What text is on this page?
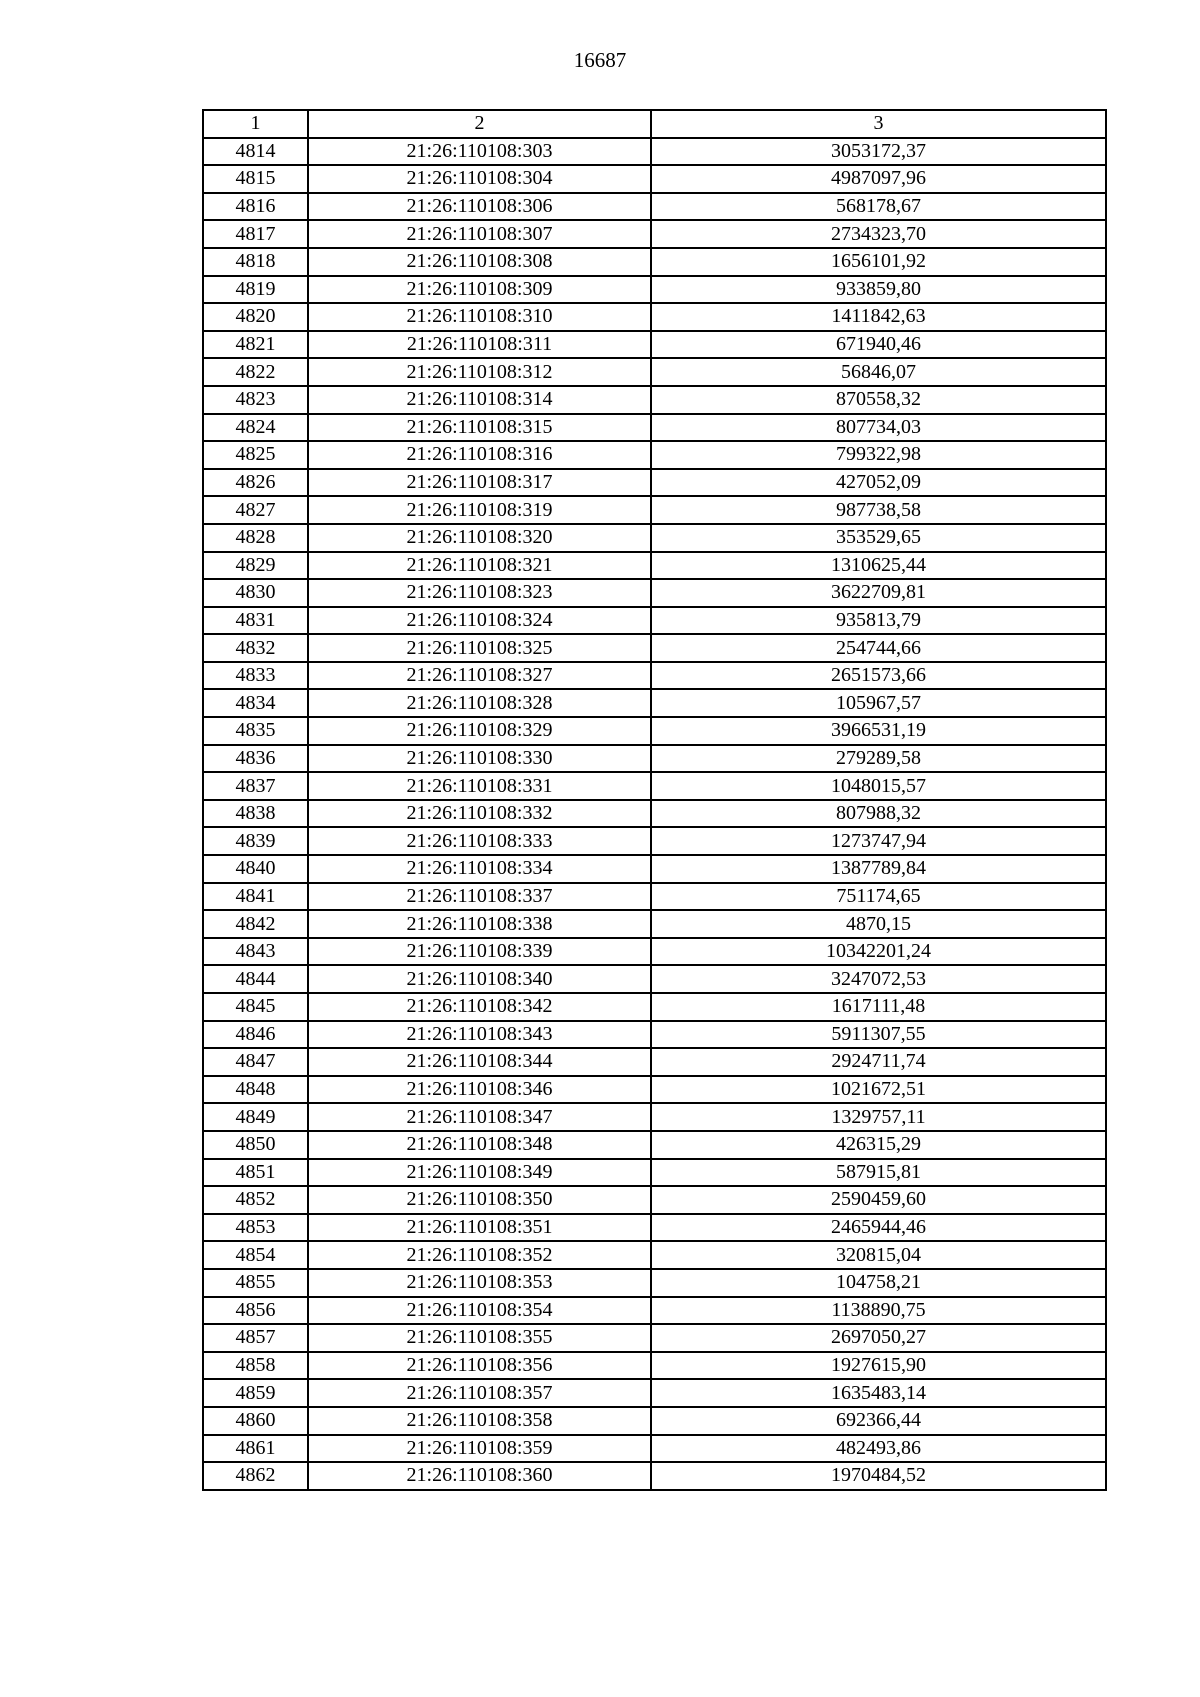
16687
1	2	3
4814	21:26:110108:303	3053172,37
4815	21:26:110108:304	4987097,96
4816	21:26:110108:306	568178,67
4817	21:26:110108:307	2734323,70
4818	21:26:110108:308	1656101,92
4819	21:26:110108:309	933859,80
4820	21:26:110108:310	1411842,63
4821	21:26:110108:311	671940,46
4822	21:26:110108:312	56846,07
4823	21:26:110108:314	870558,32
4824	21:26:110108:315	807734,03
4825	21:26:110108:316	799322,98
4826	21:26:110108:317	427052,09
4827	21:26:110108:319	987738,58
4828	21:26:110108:320	353529,65
4829	21:26:110108:321	1310625,44
4830	21:26:110108:323	3622709,81
4831	21:26:110108:324	935813,79
4832	21:26:110108:325	254744,66
4833	21:26:110108:327	2651573,66
4834	21:26:110108:328	105967,57
4835	21:26:110108:329	3966531,19
4836	21:26:110108:330	279289,58
4837	21:26:110108:331	1048015,57
4838	21:26:110108:332	807988,32
4839	21:26:110108:333	1273747,94
4840	21:26:110108:334	1387789,84
4841	21:26:110108:337	751174,65
4842	21:26:110108:338	4870,15
4843	21:26:110108:339	10342201,24
4844	21:26:110108:340	3247072,53
4845	21:26:110108:342	1617111,48
4846	21:26:110108:343	5911307,55
4847	21:26:110108:344	2924711,74
4848	21:26:110108:346	1021672,51
4849	21:26:110108:347	1329757,11
4850	21:26:110108:348	426315,29
4851	21:26:110108:349	587915,81
4852	21:26:110108:350	2590459,60
4853	21:26:110108:351	2465944,46
4854	21:26:110108:352	320815,04
4855	21:26:110108:353	104758,21
4856	21:26:110108:354	1138890,75
4857	21:26:110108:355	2697050,27
4858	21:26:110108:356	1927615,90
4859	21:26:110108:357	1635483,14
4860	21:26:110108:358	692366,44
4861	21:26:110108:359	482493,86
4862	21:26:110108:360	1970484,52
